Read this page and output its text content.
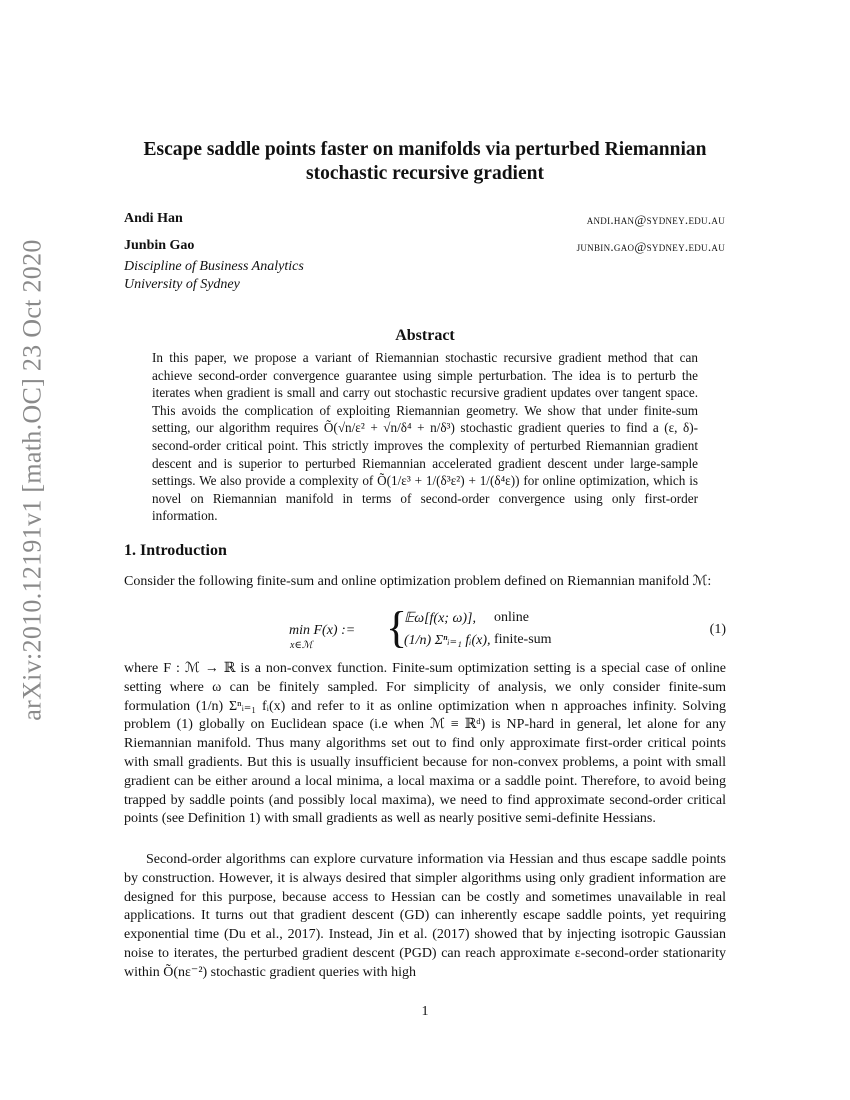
arXiv:2010.12191v1 [math.OC] 23 Oct 2020
Escape saddle points faster on manifolds via perturbed Riemannian
stochastic recursive gradient
Andi Han	andi.han@sydney.edu.au
Junbin Gao	junbin.gao@sydney.edu.au
Discipline of Business Analytics
University of Sydney
Abstract
In this paper, we propose a variant of Riemannian stochastic recursive gradient method that can achieve second-order convergence guarantee using simple perturbation. The idea is to perturb the iterates when gradient is small and carry out stochastic recursive gradient updates over tangent space. This avoids the complication of exploiting Riemannian geometry. We show that under finite-sum setting, our algorithm requires Õ(√n/ε² + √n/δ⁴ + n/δ³) stochastic gradient queries to find a (ε, δ)-second-order critical point. This strictly improves the complexity of perturbed Riemannian gradient descent and is superior to perturbed Riemannian accelerated gradient descent under large-sample settings. We also provide a complexity of Õ(1/ε³ + 1/(δ³ε²) + 1/(δ⁴ε)) for online optimization, which is novel on Riemannian manifold in terms of second-order convergence using only first-order information.
1. Introduction
Consider the following finite-sum and online optimization problem defined on Riemannian manifold ℳ:
min F(x) :=
x∈ℳ {
𝔼ω[f(x; ω)], online
(1/n) Σⁿᵢ₌₁ fᵢ(x), finite-sum
(1)
where F : ℳ → ℝ is a non-convex function. Finite-sum optimization setting is a special case of online setting where ω can be finitely sampled. For simplicity of analysis, we only consider finite-sum formulation (1/n) Σⁿᵢ₌₁ fᵢ(x) and refer to it as online optimization when n approaches infinity. Solving problem (1) globally on Euclidean space (i.e when ℳ ≡ ℝᵈ) is NP-hard in general, let alone for any Riemannian manifold. Thus many algorithms set out to find only approximate first-order critical points with small gradients. But this is usually insufficient because for non-convex problems, a point with small gradient can be either around a local minima, a local maxima or a saddle point. Therefore, to avoid being trapped by saddle points (and possibly local maxima), we need to find approximate second-order critical points (see Definition 1) with small gradients as well as nearly positive semi-definite Hessians.
Second-order algorithms can explore curvature information via Hessian and thus escape saddle points by construction. However, it is always desired that simpler algorithms using only gradient information are designed for this purpose, because access to Hessian can be costly and sometimes unavailable in real applications. It turns out that gradient descent (GD) can inherently escape saddle points, yet requiring exponential time (Du et al., 2017). Instead, Jin et al. (2017) showed that by injecting isotropic Gaussian noise to iterates, the perturbed gradient descent (PGD) can reach approximate ε-second-order stationarity within Õ(nε⁻²) stochastic gradient queries with high
1
